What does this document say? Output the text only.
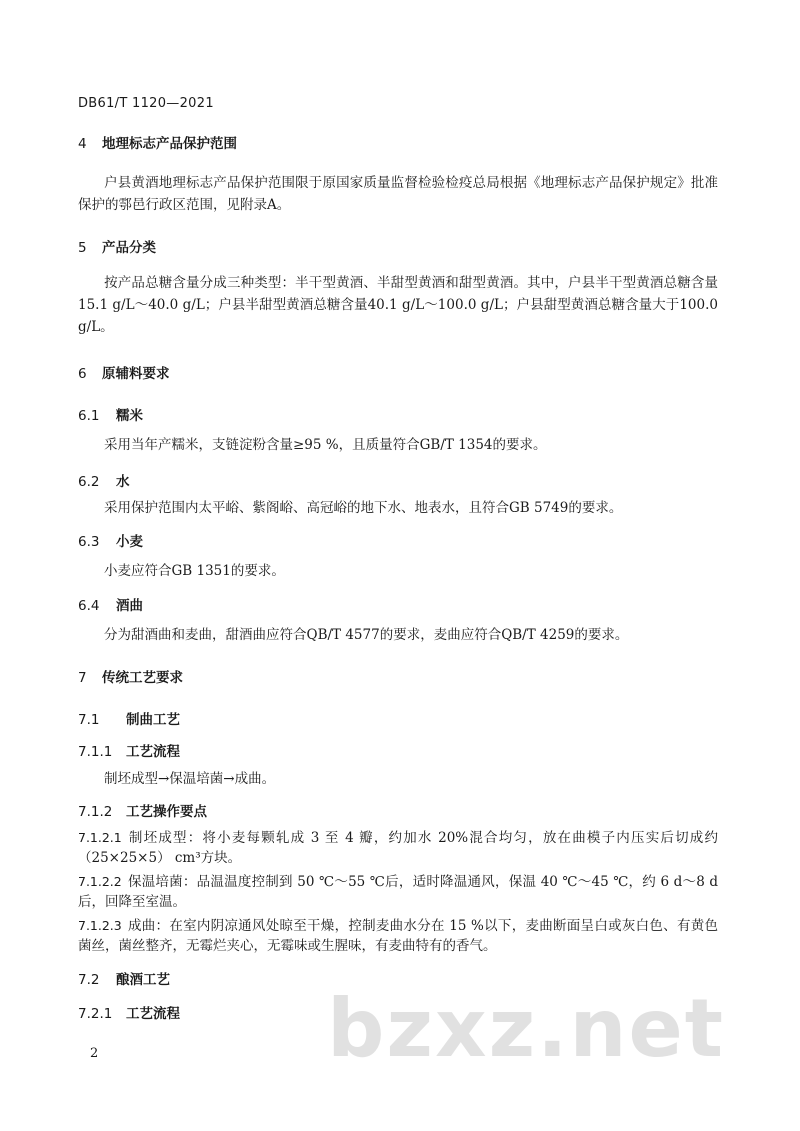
DB61/T 1120—2021
4 地理标志产品保护范围
户县黄酒地理标志产品保护范围限于原国家质量监督检验检疫总局根据《地理标志产品保护规定》批准保护的鄠邑行政区范围，见附录A。
5 产品分类
按产品总糖含量分成三种类型：半干型黄酒、半甜型黄酒和甜型黄酒。其中，户县半干型黄酒总糖含量15.1 g/L～40.0 g/L；户县半甜型黄酒总糖含量40.1 g/L～100.0 g/L；户县甜型黄酒总糖含量大于100.0 g/L。
6 原辅料要求
6.1 糯米
采用当年产糯米，支链淀粉含量≥95 %，且质量符合GB/T 1354的要求。
6.2 水
采用保护范围内太平峪、紫阁峪、高冠峪的地下水、地表水，且符合GB 5749的要求。
6.3 小麦
小麦应符合GB 1351的要求。
6.4 酒曲
分为甜酒曲和麦曲，甜酒曲应符合QB/T 4577的要求，麦曲应符合QB/T 4259的要求。
7 传统工艺要求
7.1 制曲工艺
7.1.1 工艺流程
制坯成型→保温培菌→成曲。
7.1.2 工艺操作要点
7.1.2.1 制坯成型：将小麦每颗轧成 3 至 4 瓣，约加水 20%混合均匀，放在曲模子内压实后切成约（25×25×5） cm³方块。
7.1.2.2 保温培菌：品温温度控制到 50 ℃～55 ℃后，适时降温通风，保温 40 ℃～45 ℃，约 6 d～8 d后，回降至室温。
7.1.2.3 成曲：在室内阴凉通风处晾至干燥，控制麦曲水分在 15 %以下，麦曲断面呈白或灰白色、有黄色菌丝，菌丝整齐，无霉烂夹心，无霉味或生腥味，有麦曲特有的香气。
7.2 酿酒工艺
7.2.1 工艺流程 bzxz.net
2
